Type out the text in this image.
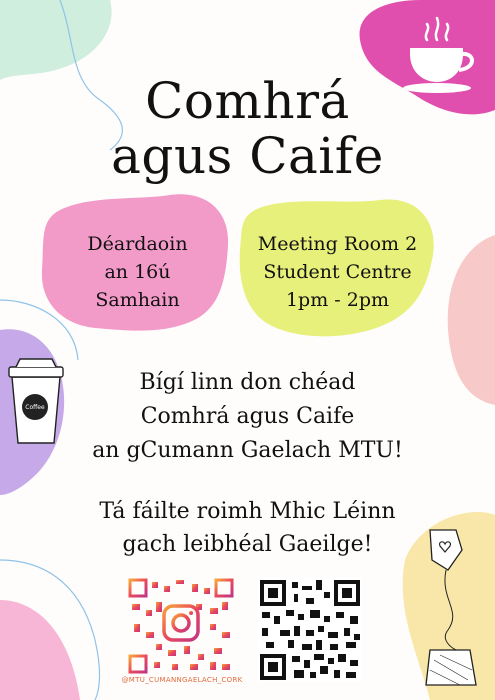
Comhrá
agus Caife
Déardaoin
an 16ú
Samhain
Meeting Room 2
Student Centre
1pm - 2pm
Coffee
Bígí linn don chéad
Comhrá agus Caife
an gCumann Gaelach MTU!
Tá fáilte roimh Mhic Léinn
gach leibhéal Gaeilge!
@MTU_CUMANNGAELACH_CORK
